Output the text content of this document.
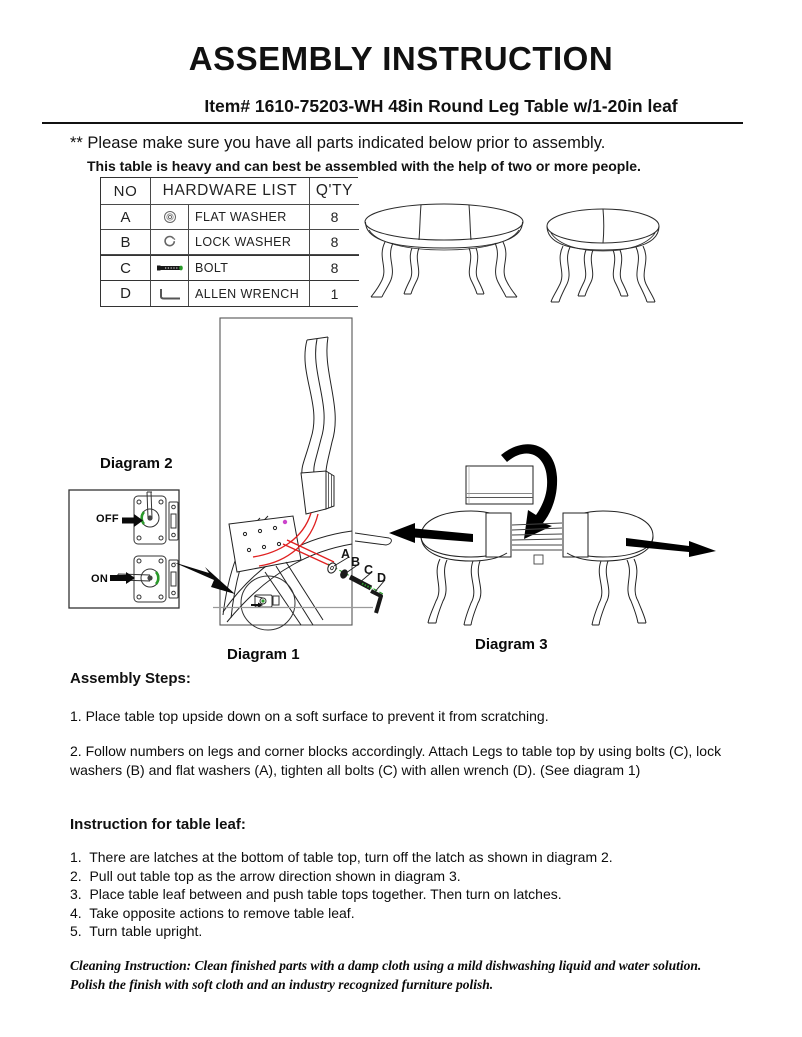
ASSEMBLY INSTRUCTION
Item# 1610-75203-WH 48in Round Leg Table w/1-20in leaf
** Please make sure you have all parts indicated below prior to assembly.
This table is heavy and can best be assembled with the help of two or more people.
NO	HARDWARE LIST	Q'TY
A	FLAT WASHER	8
B	LOCK WASHER	8
C	BOLT	8
D	ALLEN WRENCH	1
Diagram 2
OFF
ON
A
B
C
D
Diagram 1
Diagram 3
Assembly Steps:
1. Place table top upside down on a soft surface to prevent it from scratching.
2. Follow numbers on legs and corner blocks accordingly. Attach Legs to table top by using bolts (C), lock washers (B) and flat washers (A), tighten all bolts (C) with allen wrench (D). (See diagram 1)
Instruction for table leaf:
1.  There are latches at the bottom of table top, turn off the latch as shown in diagram 2.
2.  Pull out table top as the arrow direction shown in diagram 3.
3.  Place table leaf between and push table tops together. Then turn on latches.
4.  Take opposite actions to remove table leaf.
5.  Turn table upright.
Cleaning Instruction: Clean finished parts with a damp cloth using a mild dishwashing liquid and water solution. Polish the finish with soft cloth and an industry recognized furniture polish.
